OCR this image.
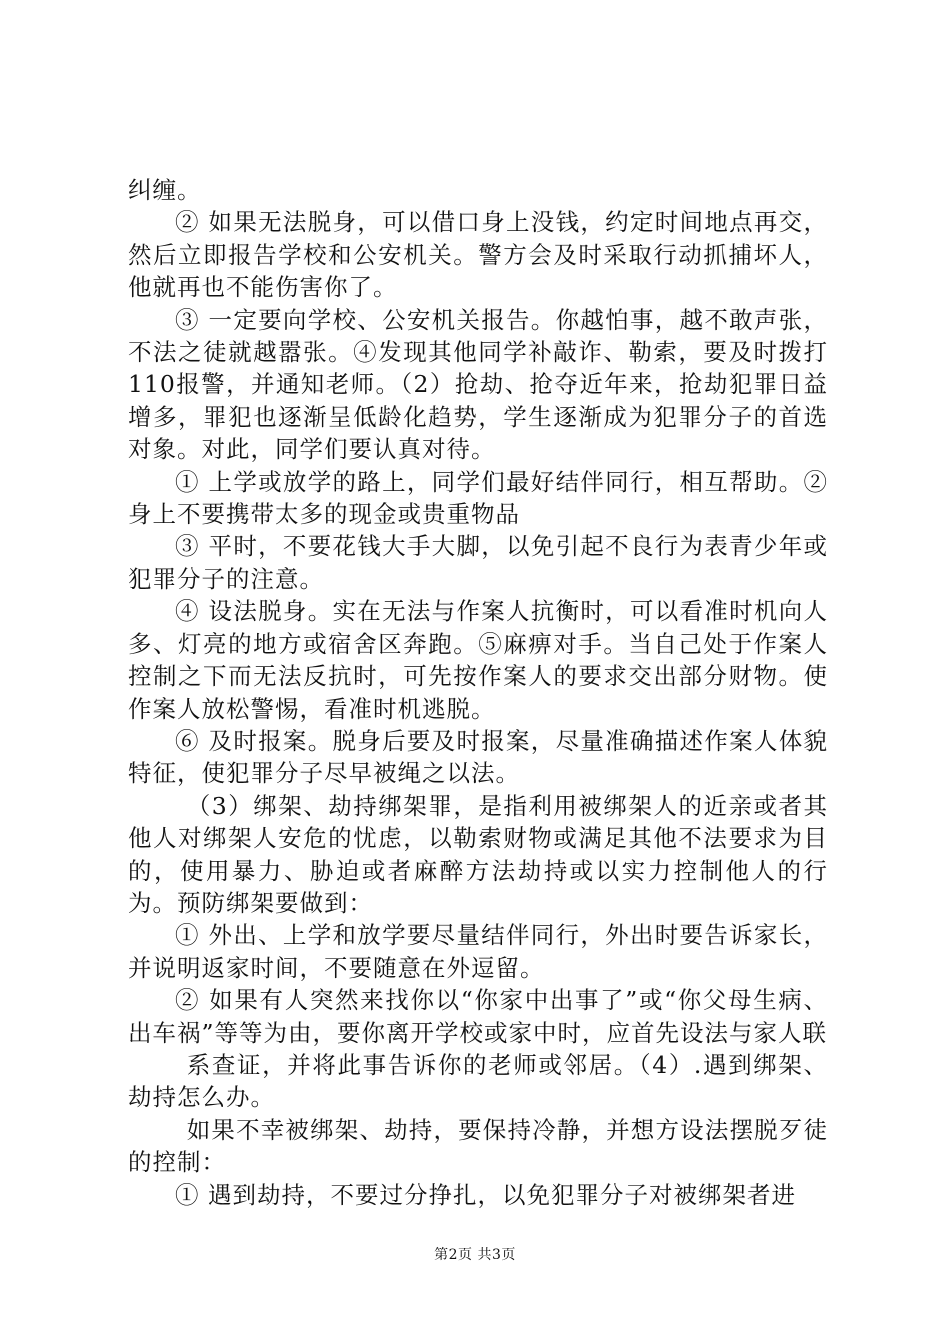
纠缠。

② 如果无法脱身，可以借口身上没钱，约定时间地点再交，然后立即报告学校和公安机关。警方会及时采取行动抓捕坏人，他就再也不能伤害你了。

③ 一定要向学校、公安机关报告。你越怕事，越不敢声张，不法之徒就越嚣张。④发现其他同学补敲诈、勒索，要及时拨打110报警，并通知老师。（2）抢劫、抢夺近年来，抢劫犯罪日益增多，罪犯也逐渐呈低龄化趋势，学生逐渐成为犯罪分子的首选对象。对此，同学们要认真对待。

① 上学或放学的路上，同学们最好结伴同行，相互帮助。②身上不要携带太多的现金或贵重物品

③ 平时，不要花钱大手大脚，以免引起不良行为表青少年或犯罪分子的注意。

④ 设法脱身。实在无法与作案人抗衡时，可以看准时机向人多、灯亮的地方或宿舍区奔跑。⑤麻痹对手。当自己处于作案人控制之下而无法反抗时，可先按作案人的要求交出部分财物。使作案人放松警惕，看准时机逃脱。

⑥ 及时报案。脱身后要及时报案，尽量准确描述作案人体貌特征，使犯罪分子尽早被绳之以法。

（3）绑架、劫持绑架罪，是指利用被绑架人的近亲或者其他人对绑架人安危的忧虑，以勒索财物或满足其他不法要求为目的，使用暴力、胁迫或者麻醉方法劫持或以实力控制他人的行为。预防绑架要做到：

① 外出、上学和放学要尽量结伴同行，外出时要告诉家长，并说明返家时间，不要随意在外逗留。

② 如果有人突然来找你以“你家中出事了”或“你父母生病、出车祸”等等为由，要你离开学校或家中时，应首先设法与家人联

系查证，并将此事告诉你的老师或邻居。（4）.遇到绑架、劫持怎么办。

如果不幸被绑架、劫持，要保持冷静，并想方设法摆脱歹徒的控制：

① 遇到劫持，不要过分挣扎，以免犯罪分子对被绑架者进

第2页 共3页
